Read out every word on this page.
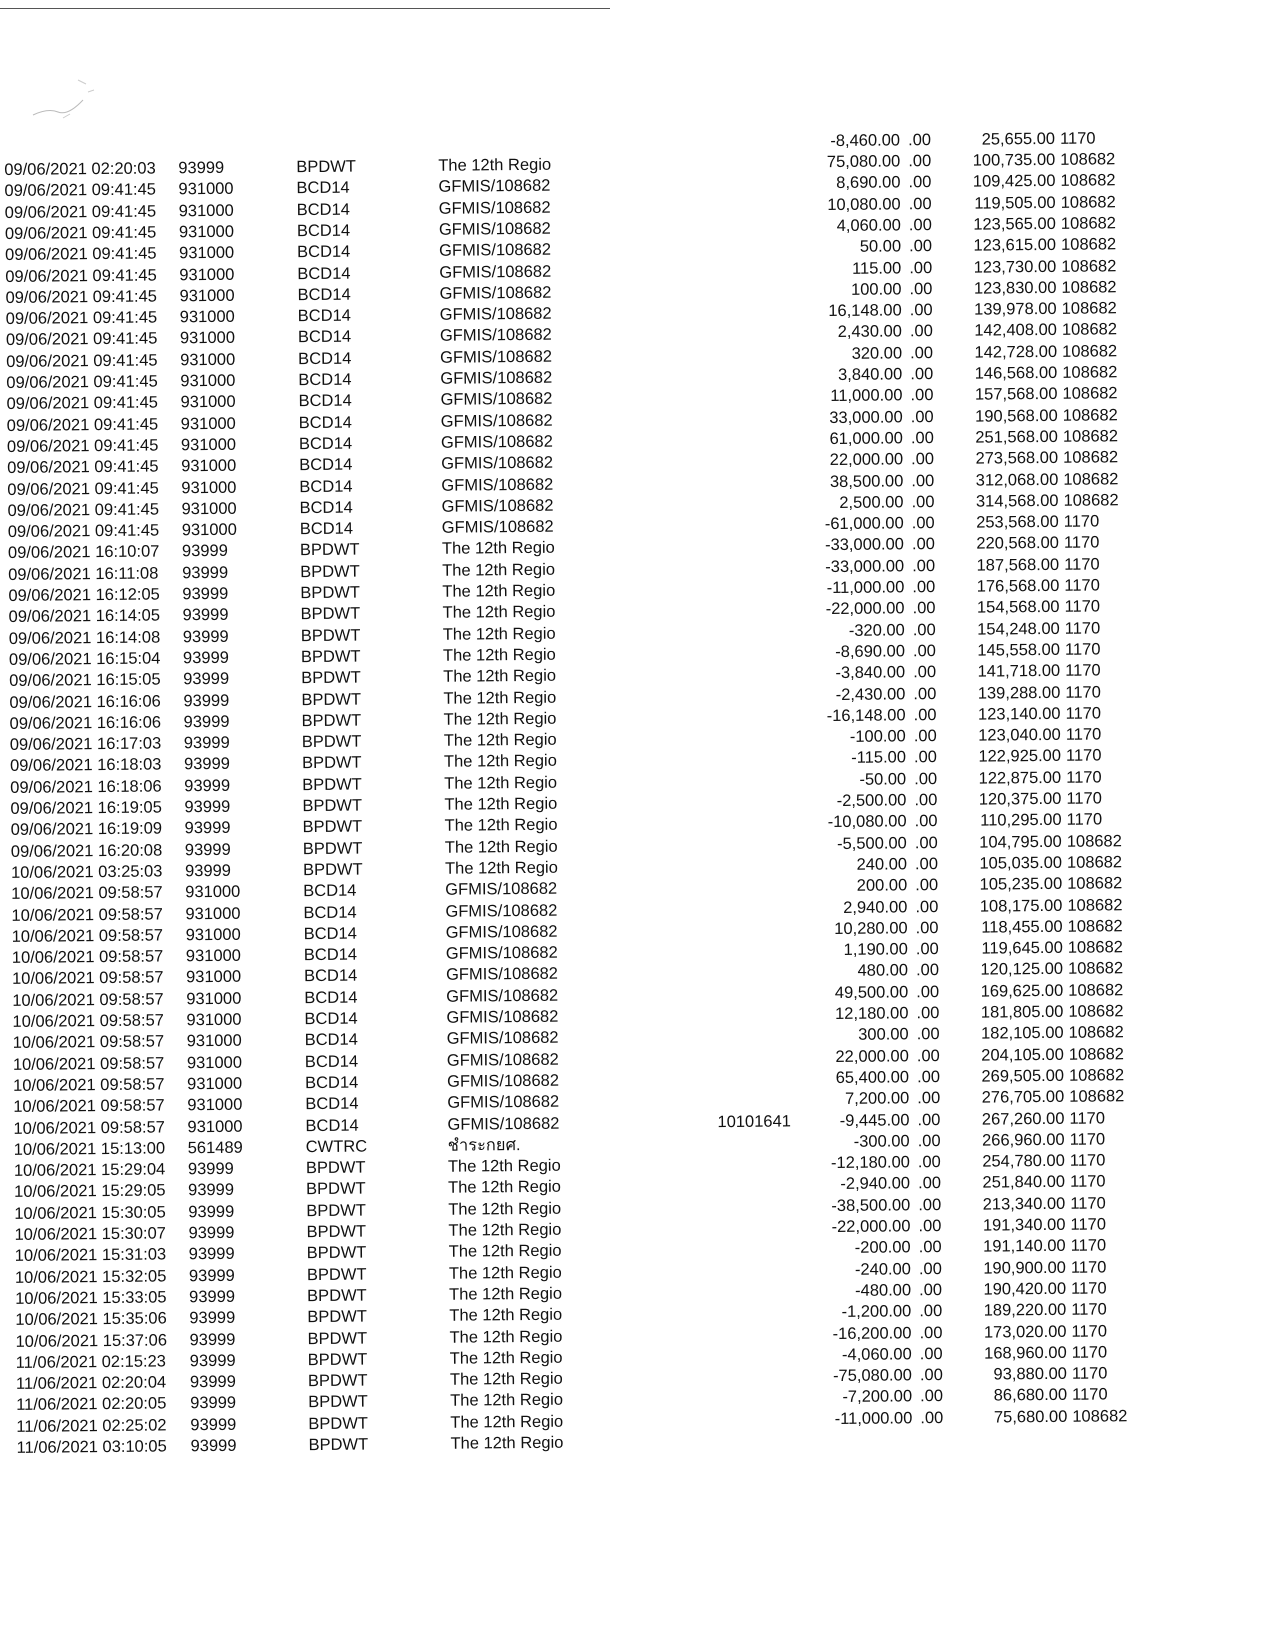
-8,460.00 .00	25,655.00 1170
09/06/2021 02:20:03 93999	BPDWT	The 12th Regio	75,080.00 .00	100,735.00 108682
09/06/2021 09:41:45 931000	BCD14	GFMIS/108682	8,690.00 .00	109,425.00 108682
09/06/2021 09:41:45 931000	BCD14	GFMIS/108682	10,080.00 .00	119,505.00 108682
09/06/2021 09:41:45 931000	BCD14	GFMIS/108682	4,060.00 .00	123,565.00 108682
09/06/2021 09:41:45 931000	BCD14	GFMIS/108682	50.00 .00	123,615.00 108682
09/06/2021 09:41:45 931000	BCD14	GFMIS/108682	115.00 .00	123,730.00 108682
09/06/2021 09:41:45 931000	BCD14	GFMIS/108682	100.00 .00	123,830.00 108682
09/06/2021 09:41:45 931000	BCD14	GFMIS/108682	16,148.00 .00	139,978.00 108682
09/06/2021 09:41:45 931000	BCD14	GFMIS/108682	2,430.00 .00	142,408.00 108682
09/06/2021 09:41:45 931000	BCD14	GFMIS/108682	320.00 .00	142,728.00 108682
09/06/2021 09:41:45 931000	BCD14	GFMIS/108682	3,840.00 .00	146,568.00 108682
09/06/2021 09:41:45 931000	BCD14	GFMIS/108682	11,000.00 .00	157,568.00 108682
09/06/2021 09:41:45 931000	BCD14	GFMIS/108682	33,000.00 .00	190,568.00 108682
09/06/2021 09:41:45 931000	BCD14	GFMIS/108682	61,000.00 .00	251,568.00 108682
09/06/2021 09:41:45 931000	BCD14	GFMIS/108682	22,000.00 .00	273,568.00 108682
09/06/2021 09:41:45 931000	BCD14	GFMIS/108682	38,500.00 .00	312,068.00 108682
09/06/2021 09:41:45 931000	BCD14	GFMIS/108682	2,500.00 .00	314,568.00 108682
09/06/2021 09:41:45 931000	BCD14	GFMIS/108682	-61,000.00 .00	253,568.00 1170
09/06/2021 16:10:07 93999	BPDWT	The 12th Regio	-33,000.00 .00	220,568.00 1170
09/06/2021 16:11:08 93999	BPDWT	The 12th Regio	-33,000.00 .00	187,568.00 1170
09/06/2021 16:12:05 93999	BPDWT	The 12th Regio	-11,000.00 .00	176,568.00 1170
09/06/2021 16:14:05 93999	BPDWT	The 12th Regio	-22,000.00 .00	154,568.00 1170
09/06/2021 16:14:08 93999	BPDWT	The 12th Regio	-320.00 .00	154,248.00 1170
09/06/2021 16:15:04 93999	BPDWT	The 12th Regio	-8,690.00 .00	145,558.00 1170
09/06/2021 16:15:05 93999	BPDWT	The 12th Regio	-3,840.00 .00	141,718.00 1170
09/06/2021 16:16:06 93999	BPDWT	The 12th Regio	-2,430.00 .00	139,288.00 1170
09/06/2021 16:16:06 93999	BPDWT	The 12th Regio	-16,148.00 .00	123,140.00 1170
09/06/2021 16:17:03 93999	BPDWT	The 12th Regio	-100.00 .00	123,040.00 1170
09/06/2021 16:18:03 93999	BPDWT	The 12th Regio	-115.00 .00	122,925.00 1170
09/06/2021 16:18:06 93999	BPDWT	The 12th Regio	-50.00 .00	122,875.00 1170
09/06/2021 16:19:05 93999	BPDWT	The 12th Regio	-2,500.00 .00	120,375.00 1170
09/06/2021 16:19:09 93999	BPDWT	The 12th Regio	-10,080.00 .00	110,295.00 1170
09/06/2021 16:20:08 93999	BPDWT	The 12th Regio	-5,500.00 .00	104,795.00 108682
10/06/2021 03:25:03 93999	BPDWT	The 12th Regio	240.00 .00	105,035.00 108682
10/06/2021 09:58:57 931000	BCD14	GFMIS/108682	200.00 .00	105,235.00 108682
10/06/2021 09:58:57 931000	BCD14	GFMIS/108682	2,940.00 .00	108,175.00 108682
10/06/2021 09:58:57 931000	BCD14	GFMIS/108682	10,280.00 .00	118,455.00 108682
10/06/2021 09:58:57 931000	BCD14	GFMIS/108682	1,190.00 .00	119,645.00 108682
10/06/2021 09:58:57 931000	BCD14	GFMIS/108682	480.00 .00	120,125.00 108682
10/06/2021 09:58:57 931000	BCD14	GFMIS/108682	49,500.00 .00	169,625.00 108682
10/06/2021 09:58:57 931000	BCD14	GFMIS/108682	12,180.00 .00	181,805.00 108682
10/06/2021 09:58:57 931000	BCD14	GFMIS/108682	300.00 .00	182,105.00 108682
10/06/2021 09:58:57 931000	BCD14	GFMIS/108682	22,000.00 .00	204,105.00 108682
10/06/2021 09:58:57 931000	BCD14	GFMIS/108682	65,400.00 .00	269,505.00 108682
10/06/2021 09:58:57 931000	BCD14	GFMIS/108682	7,200.00 .00	276,705.00 108682
10/06/2021 09:58:57 931000	BCD14	GFMIS/108682	10101641	-9,445.00 .00	267,260.00 1170
10/06/2021 15:13:00 561489	CWTRC	ชำระกยศ.	-300.00 .00	266,960.00 1170
10/06/2021 15:29:04 93999	BPDWT	The 12th Regio	-12,180.00 .00	254,780.00 1170
10/06/2021 15:29:05 93999	BPDWT	The 12th Regio	-2,940.00 .00	251,840.00 1170
10/06/2021 15:30:05 93999	BPDWT	The 12th Regio	-38,500.00 .00	213,340.00 1170
10/06/2021 15:30:07 93999	BPDWT	The 12th Regio	-22,000.00 .00	191,340.00 1170
10/06/2021 15:31:03 93999	BPDWT	The 12th Regio	-200.00 .00	191,140.00 1170
10/06/2021 15:32:05 93999	BPDWT	The 12th Regio	-240.00 .00	190,900.00 1170
10/06/2021 15:33:05 93999	BPDWT	The 12th Regio	-480.00 .00	190,420.00 1170
10/06/2021 15:35:06 93999	BPDWT	The 12th Regio	-1,200.00 .00	189,220.00 1170
10/06/2021 15:37:06 93999	BPDWT	The 12th Regio	-16,200.00 .00	173,020.00 1170
11/06/2021 02:15:23 93999	BPDWT	The 12th Regio	-4,060.00 .00	168,960.00 1170
11/06/2021 02:20:04 93999	BPDWT	The 12th Regio	-75,080.00 .00	93,880.00 1170
11/06/2021 02:20:05 93999	BPDWT	The 12th Regio	-7,200.00 .00	86,680.00 1170
11/06/2021 02:25:02 93999	BPDWT	The 12th Regio	-11,000.00 .00	75,680.00 108682
11/06/2021 03:10:05 93999	BPDWT	The 12th Regio
